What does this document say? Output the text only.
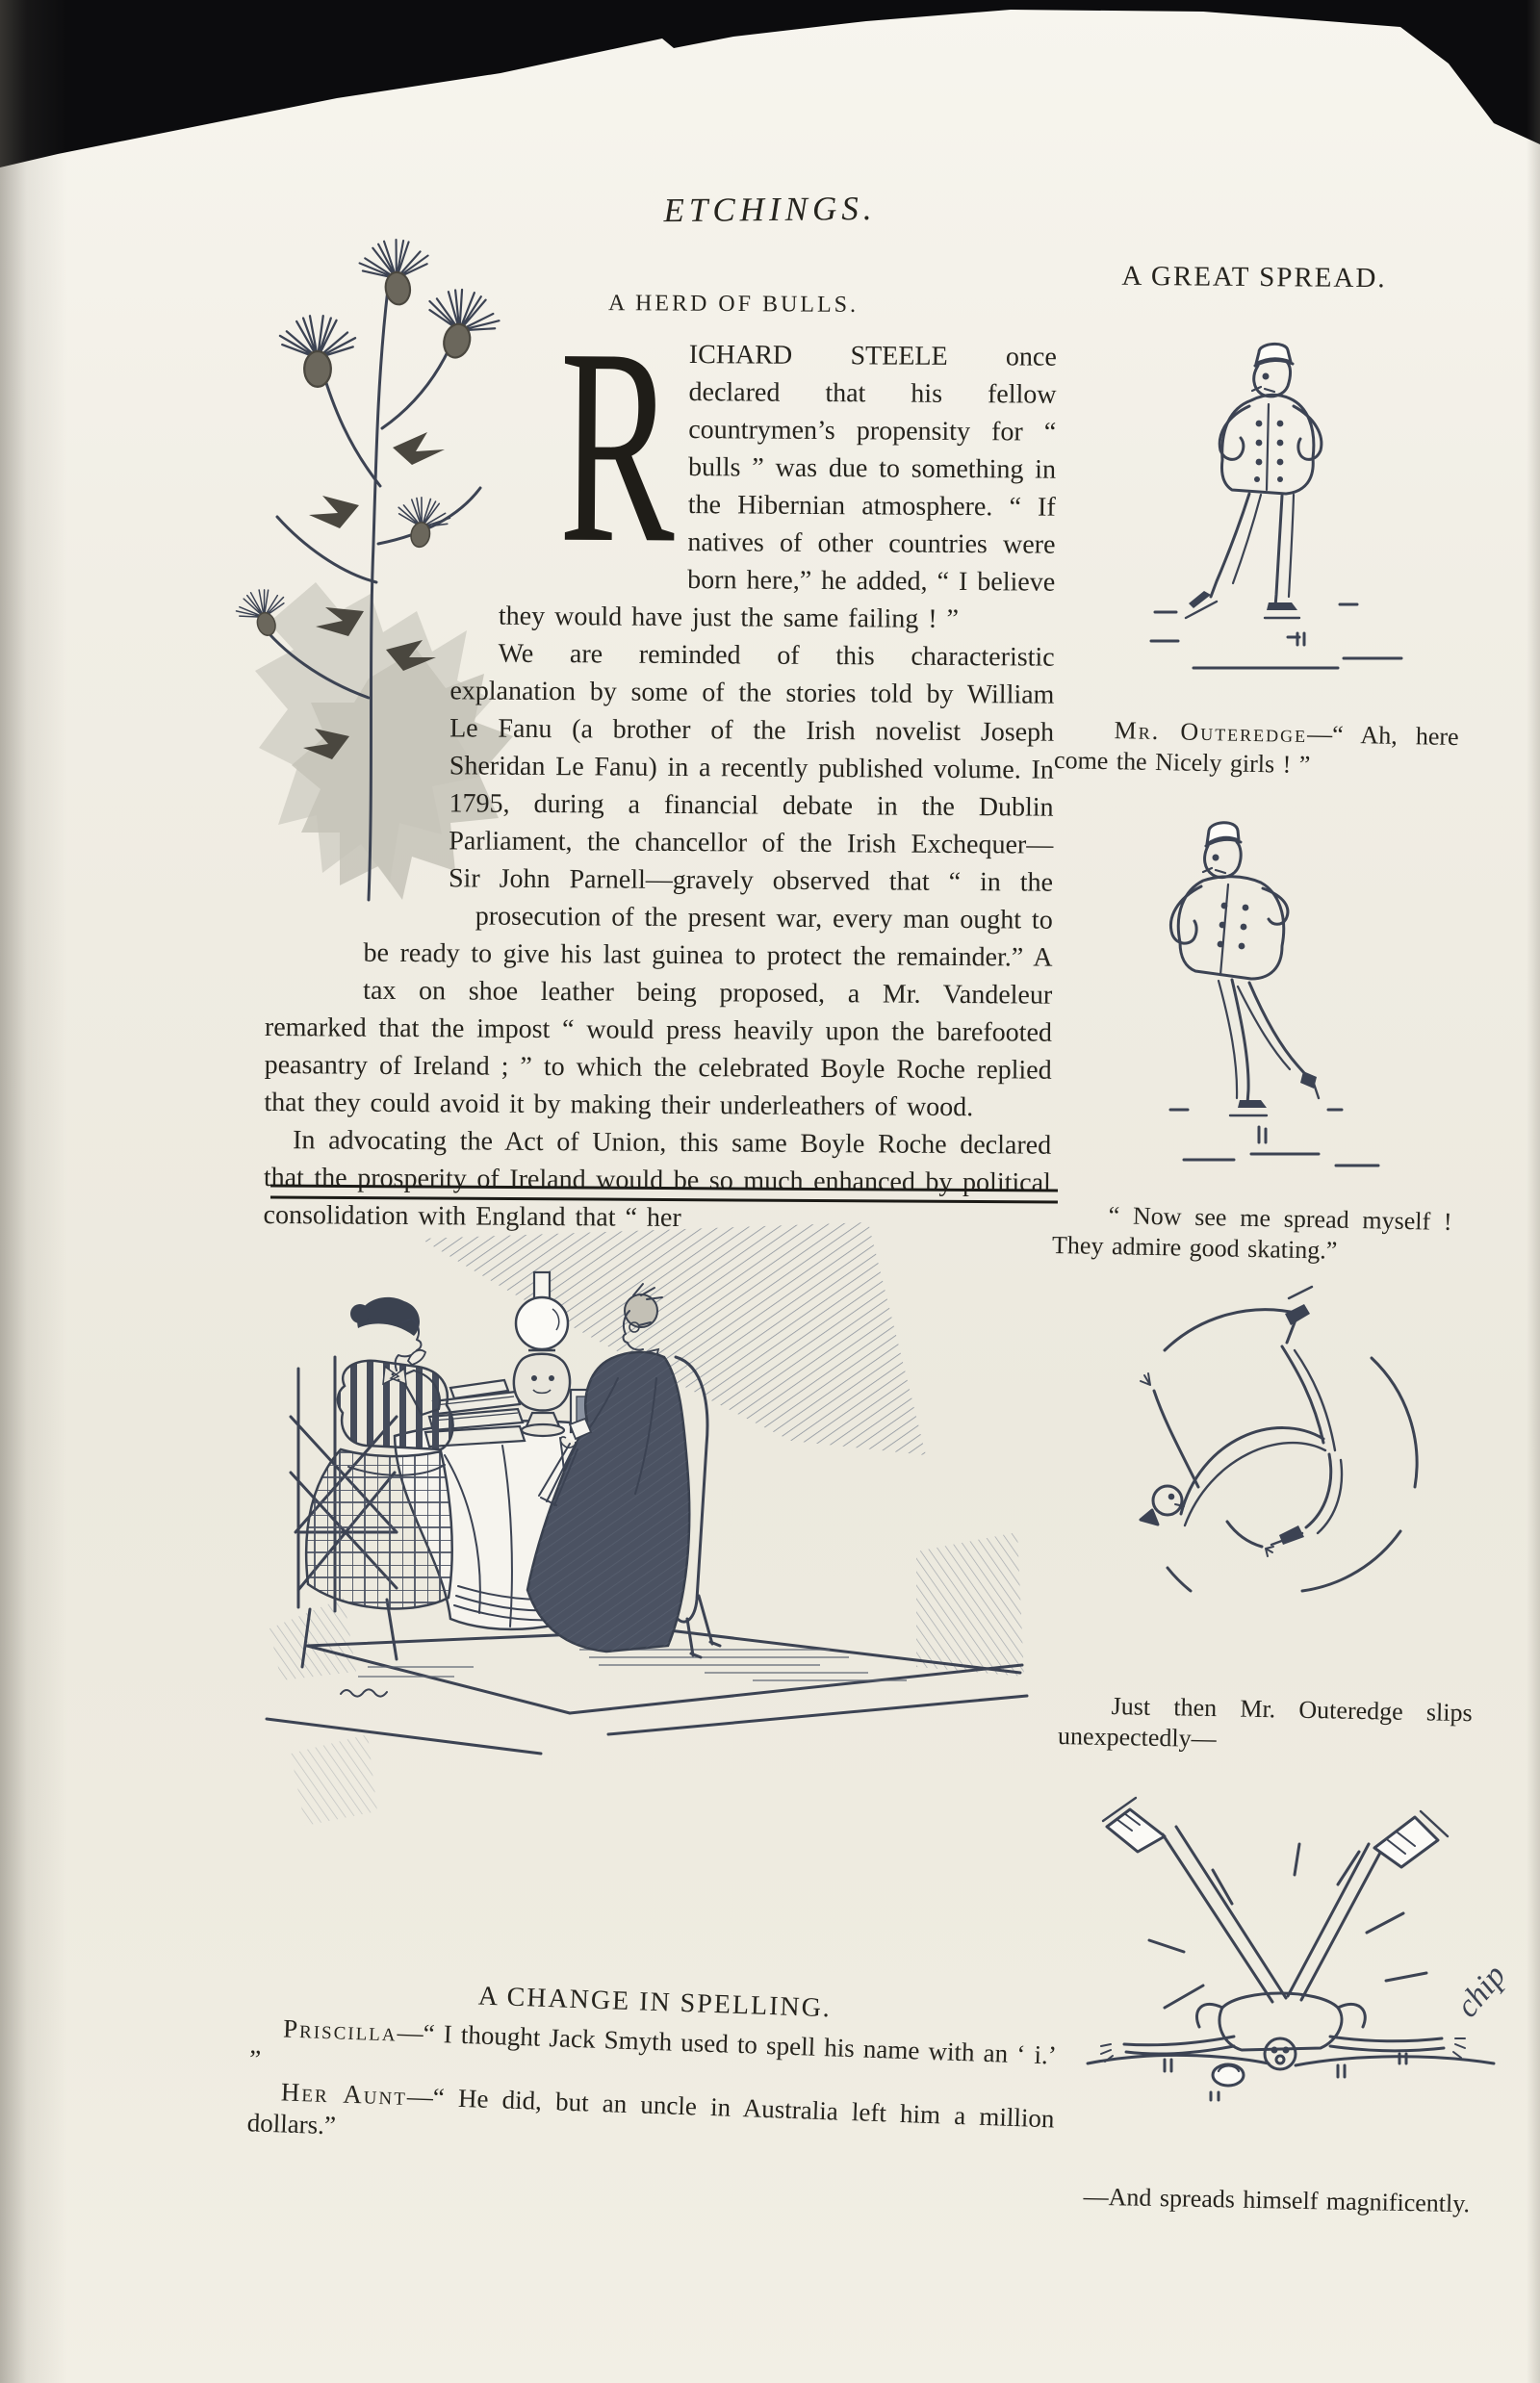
ETCHINGS.
A HERD OF BULLS.
A GREAT SPREAD.

R ICHARD STEELE once declared that his fellow countrymen’s propensity for “ bulls ” was due to something in the Hibernian atmosphere. “ If natives of other countries were born here,” he added, “ I believe they would have just the same failing ! ”

We are reminded of this characteristic explanation by some of the stories told by William Le Fanu (a brother of the Irish novelist Joseph Sheridan Le Fanu) in a recently published volume. In 1795, during a financial debate in the Dublin Parliament, the chancellor of the Irish Exchequer—Sir John Parnell—gravely observed that “ in the prosecution of the present war, every man ought to be ready to give his last guinea to protect the remainder.” A tax on shoe leather being proposed, a Mr. Vandeleur remarked that the impost “ would press heavily upon the barefooted peasantry of Ireland ; ” to which the celebrated Boyle Roche replied that they could avoid it by making their underleathers of wood.

In advocating the Act of Union, this same Boyle Roche declared that the prosperity of Ireland would be so much enhanced by political consolidation with England that “ her

Mr. Outeredge—“ Ah, here come the Nicely girls ! ”

“ Now see me spread myself ! They admire good skating.”

Just then Mr. Outeredge slips unexpectedly—

chip

—And spreads himself magnificently.

A CHANGE IN SPELLING.

Priscilla—“ I thought Jack Smyth used to spell his name with an ‘ i.’ ”

Her Aunt—“ He did, but an uncle in Australia left him a million dollars.”
